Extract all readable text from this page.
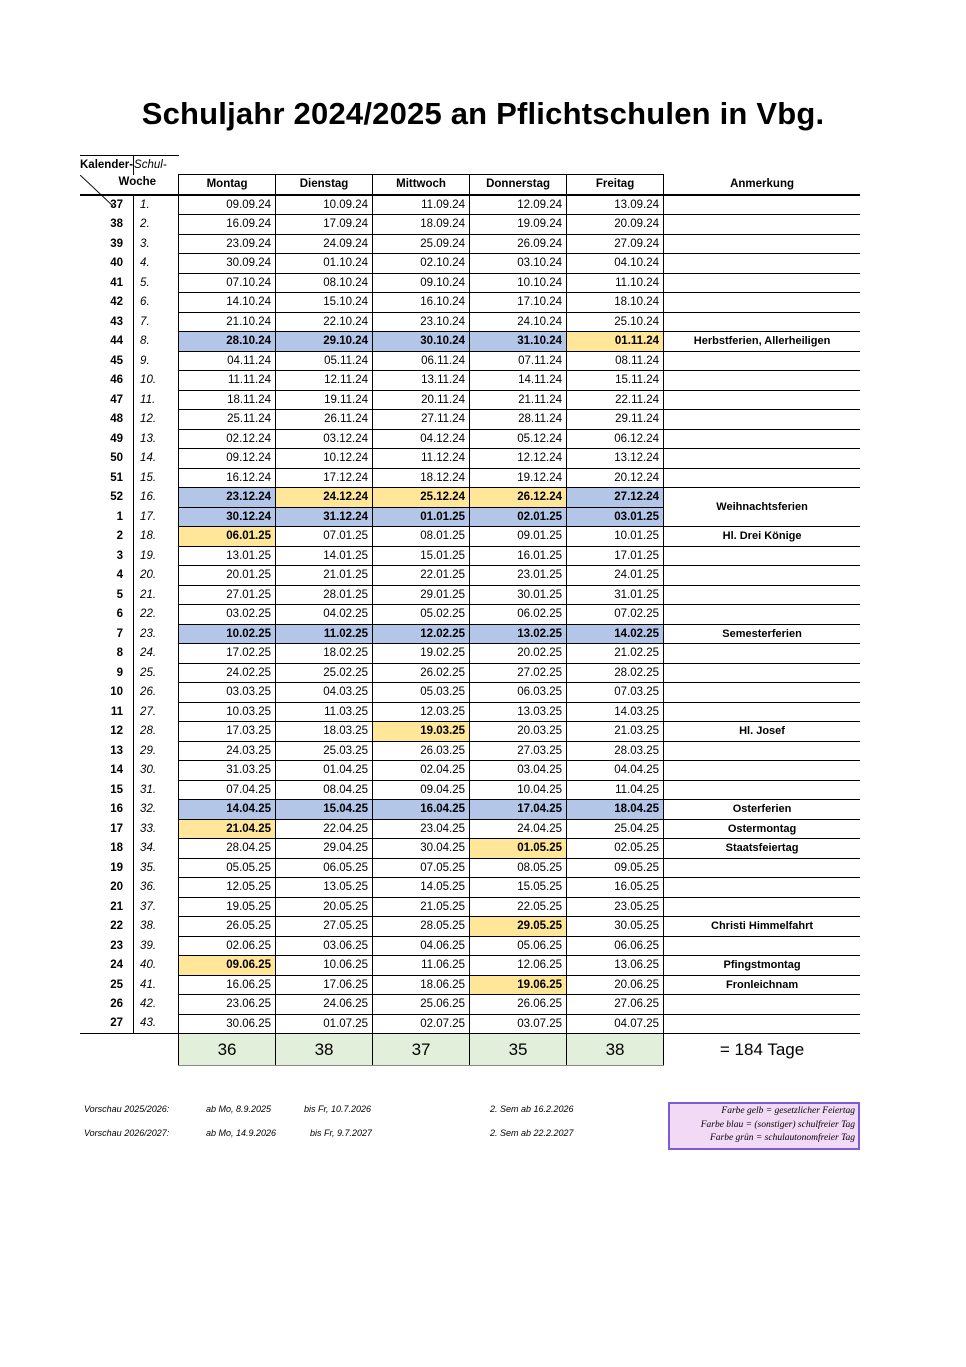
Schuljahr 2024/2025 an Pflichtschulen in Vbg.
Kalender-	Schul-						
Woche		Montag	Dienstag	Mittwoch	Donnerstag	Freitag	Anmerkung
37	1.	09.09.24	10.09.24	11.09.24	12.09.24	13.09.24	
38	2.	16.09.24	17.09.24	18.09.24	19.09.24	20.09.24	
39	3.	23.09.24	24.09.24	25.09.24	26.09.24	27.09.24	
40	4.	30.09.24	01.10.24	02.10.24	03.10.24	04.10.24	
41	5.	07.10.24	08.10.24	09.10.24	10.10.24	11.10.24	
42	6.	14.10.24	15.10.24	16.10.24	17.10.24	18.10.24	
43	7.	21.10.24	22.10.24	23.10.24	24.10.24	25.10.24	
44	8.	28.10.24	29.10.24	30.10.24	31.10.24	01.11.24	Herbstferien, Allerheiligen
45	9.	04.11.24	05.11.24	06.11.24	07.11.24	08.11.24	
46	10.	11.11.24	12.11.24	13.11.24	14.11.24	15.11.24	
47	11.	18.11.24	19.11.24	20.11.24	21.11.24	22.11.24	
48	12.	25.11.24	26.11.24	27.11.24	28.11.24	29.11.24	
49	13.	02.12.24	03.12.24	04.12.24	05.12.24	06.12.24	
50	14.	09.12.24	10.12.24	11.12.24	12.12.24	13.12.24	
51	15.	16.12.24	17.12.24	18.12.24	19.12.24	20.12.24	
52	16.	23.12.24	24.12.24	25.12.24	26.12.24	27.12.24	Weihnachtsferien
1	17.	30.12.24	31.12.24	01.01.25	02.01.25	03.01.25	
2	18.	06.01.25	07.01.25	08.01.25	09.01.25	10.01.25	Hl. Drei Könige
3	19.	13.01.25	14.01.25	15.01.25	16.01.25	17.01.25	
4	20.	20.01.25	21.01.25	22.01.25	23.01.25	24.01.25	
5	21.	27.01.25	28.01.25	29.01.25	30.01.25	31.01.25	
6	22.	03.02.25	04.02.25	05.02.25	06.02.25	07.02.25	
7	23.	10.02.25	11.02.25	12.02.25	13.02.25	14.02.25	Semesterferien
8	24.	17.02.25	18.02.25	19.02.25	20.02.25	21.02.25	
9	25.	24.02.25	25.02.25	26.02.25	27.02.25	28.02.25	
10	26.	03.03.25	04.03.25	05.03.25	06.03.25	07.03.25	
11	27.	10.03.25	11.03.25	12.03.25	13.03.25	14.03.25	
12	28.	17.03.25	18.03.25	19.03.25	20.03.25	21.03.25	Hl. Josef
13	29.	24.03.25	25.03.25	26.03.25	27.03.25	28.03.25	
14	30.	31.03.25	01.04.25	02.04.25	03.04.25	04.04.25	
15	31.	07.04.25	08.04.25	09.04.25	10.04.25	11.04.25	
16	32.	14.04.25	15.04.25	16.04.25	17.04.25	18.04.25	Osterferien
17	33.	21.04.25	22.04.25	23.04.25	24.04.25	25.04.25	Ostermontag
18	34.	28.04.25	29.04.25	30.04.25	01.05.25	02.05.25	Staatsfeiertag
19	35.	05.05.25	06.05.25	07.05.25	08.05.25	09.05.25	
20	36.	12.05.25	13.05.25	14.05.25	15.05.25	16.05.25	
21	37.	19.05.25	20.05.25	21.05.25	22.05.25	23.05.25	
22	38.	26.05.25	27.05.25	28.05.25	29.05.25	30.05.25	Christi Himmelfahrt
23	39.	02.06.25	03.06.25	04.06.25	05.06.25	06.06.25	
24	40.	09.06.25	10.06.25	11.06.25	12.06.25	13.06.25	Pfingstmontag
25	41.	16.06.25	17.06.25	18.06.25	19.06.25	20.06.25	Fronleichnam
26	42.	23.06.25	24.06.25	25.06.25	26.06.25	27.06.25	
27	43.	30.06.25	01.07.25	02.07.25	03.07.25	04.07.25	
		36	38	37	35	38	= 184 Tage
Vorschau 2025/2026:	ab Mo, 8.9.2025	bis Fr, 10.7.2026	2. Sem ab 16.2.2026
Vorschau 2026/2027:	ab Mo, 14.9.2026	bis Fr, 9.7.2027	2. Sem ab 22.2.2027
Farbe gelb = gesetzlicher Feiertag
Farbe blau = (sonstiger) schulfreier Tag
Farbe grün = schulautonomfreier Tag
